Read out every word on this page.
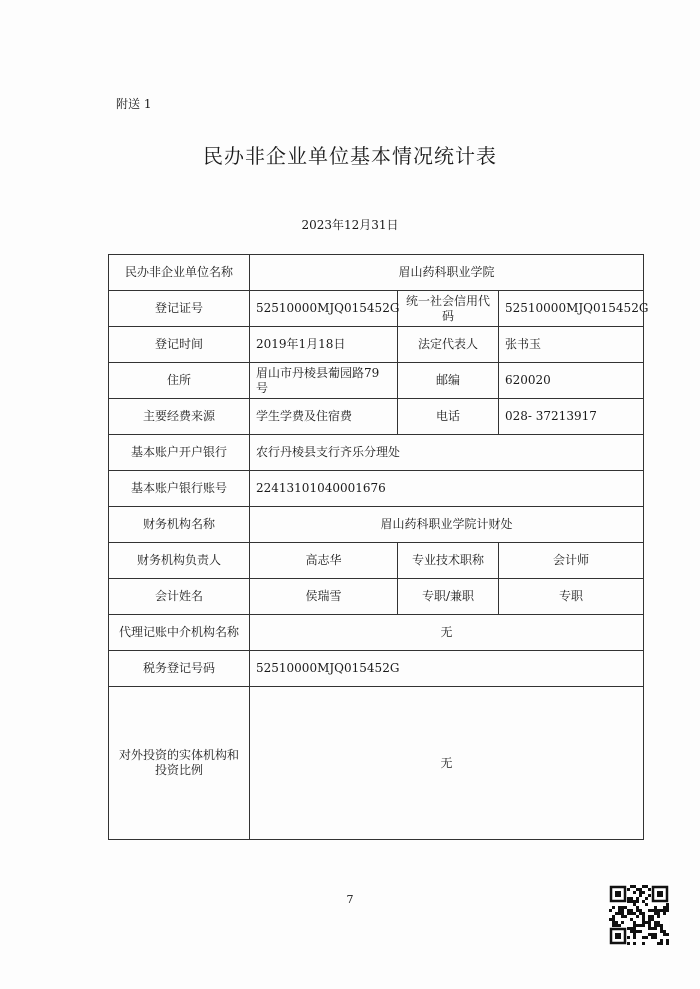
附送 1
民办非企业单位基本情况统计表
2023年12月31日
民办非企业单位名称	眉山药科职业学院		
登记证号	52510000MJQ015452G	统一社会信用代码	52510000MJQ015452G
登记时间	2019年1月18日	法定代表人	张书玉
住所	眉山市丹棱县葡园路79号	邮编	620020
主要经费来源	学生学费及住宿费	电话	028- 37213917
基本账户开户银行	农行丹棱县支行齐乐分理处		
基本账户银行账号	22413101040001676		
财务机构名称	眉山药科职业学院计财处		
财务机构负责人	高志华	专业技术职称	会计师
会计姓名	侯瑞雪	专职/兼职	专职
代理记账中介机构名称	无		
税务登记号码	52510000MJQ015452G		
对外投资的实体机构和投资比例	无		
7
